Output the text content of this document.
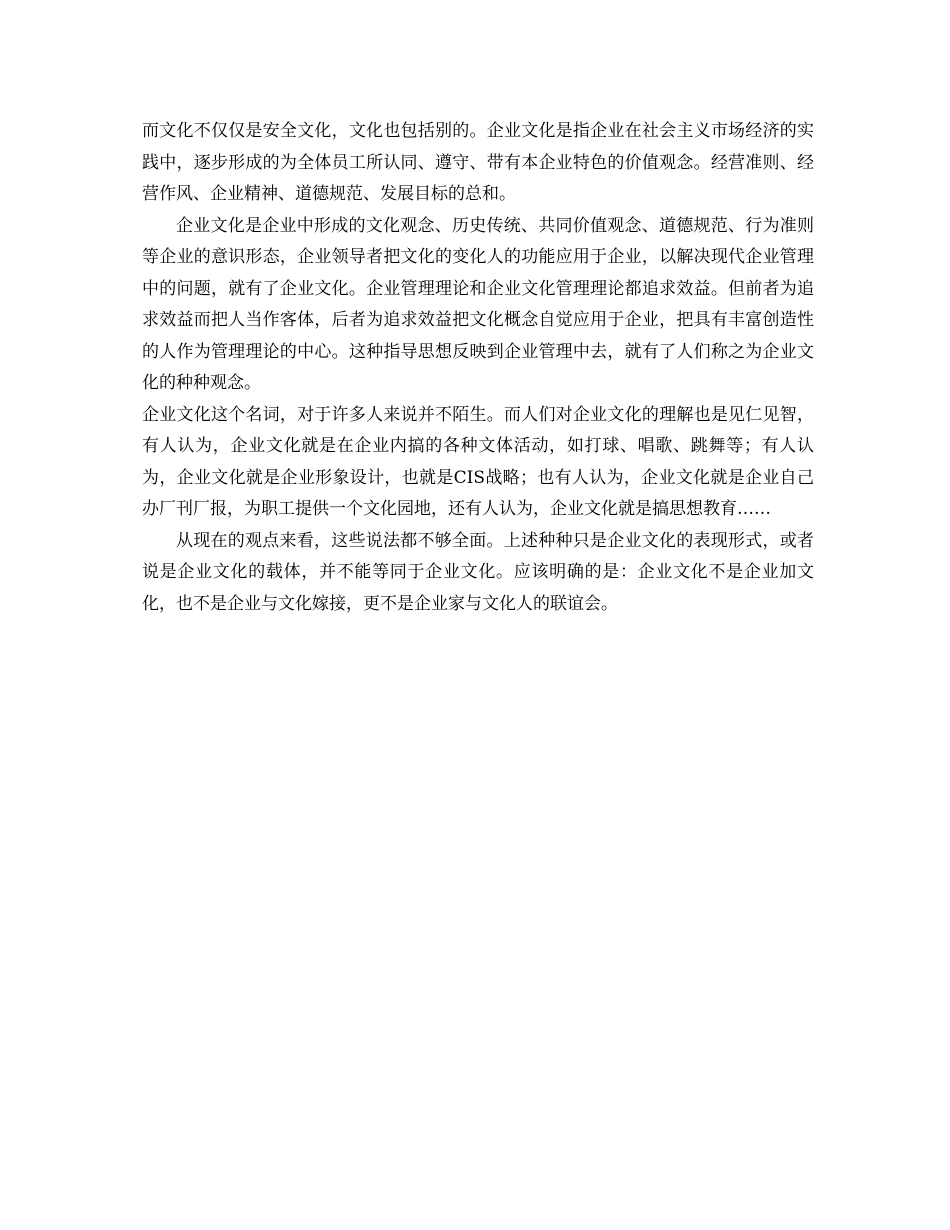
而文化不仅仅是安全文化，文化也包括别的。企业文化是指企业在社会主义市场经济的实践中，逐步形成的为全体员工所认同、遵守、带有本企业特色的价值观念。经营准则、经营作风、企业精神、道德规范、发展目标的总和。

企业文化是企业中形成的文化观念、历史传统、共同价值观念、道德规范、行为准则等企业的意识形态，企业领导者把文化的变化人的功能应用于企业，以解决现代企业管理中的问题，就有了企业文化。企业管理理论和企业文化管理理论都追求效益。但前者为追求效益而把人当作客体，后者为追求效益把文化概念自觉应用于企业，把具有丰富创造性的人作为管理理论的中心。这种指导思想反映到企业管理中去，就有了人们称之为企业文化的种种观念。

企业文化这个名词，对于许多人来说并不陌生。而人们对企业文化的理解也是见仁见智，有人认为，企业文化就是在企业内搞的各种文体活动，如打球、唱歌、跳舞等；有人认为，企业文化就是企业形象设计，也就是CIS战略；也有人认为，企业文化就是企业自己办厂刊厂报，为职工提供一个文化园地，还有人认为，企业文化就是搞思想教育……

从现在的观点来看，这些说法都不够全面。上述种种只是企业文化的表现形式，或者说是企业文化的载体，并不能等同于企业文化。应该明确的是：企业文化不是企业加文化，也不是企业与文化嫁接，更不是企业家与文化人的联谊会。
